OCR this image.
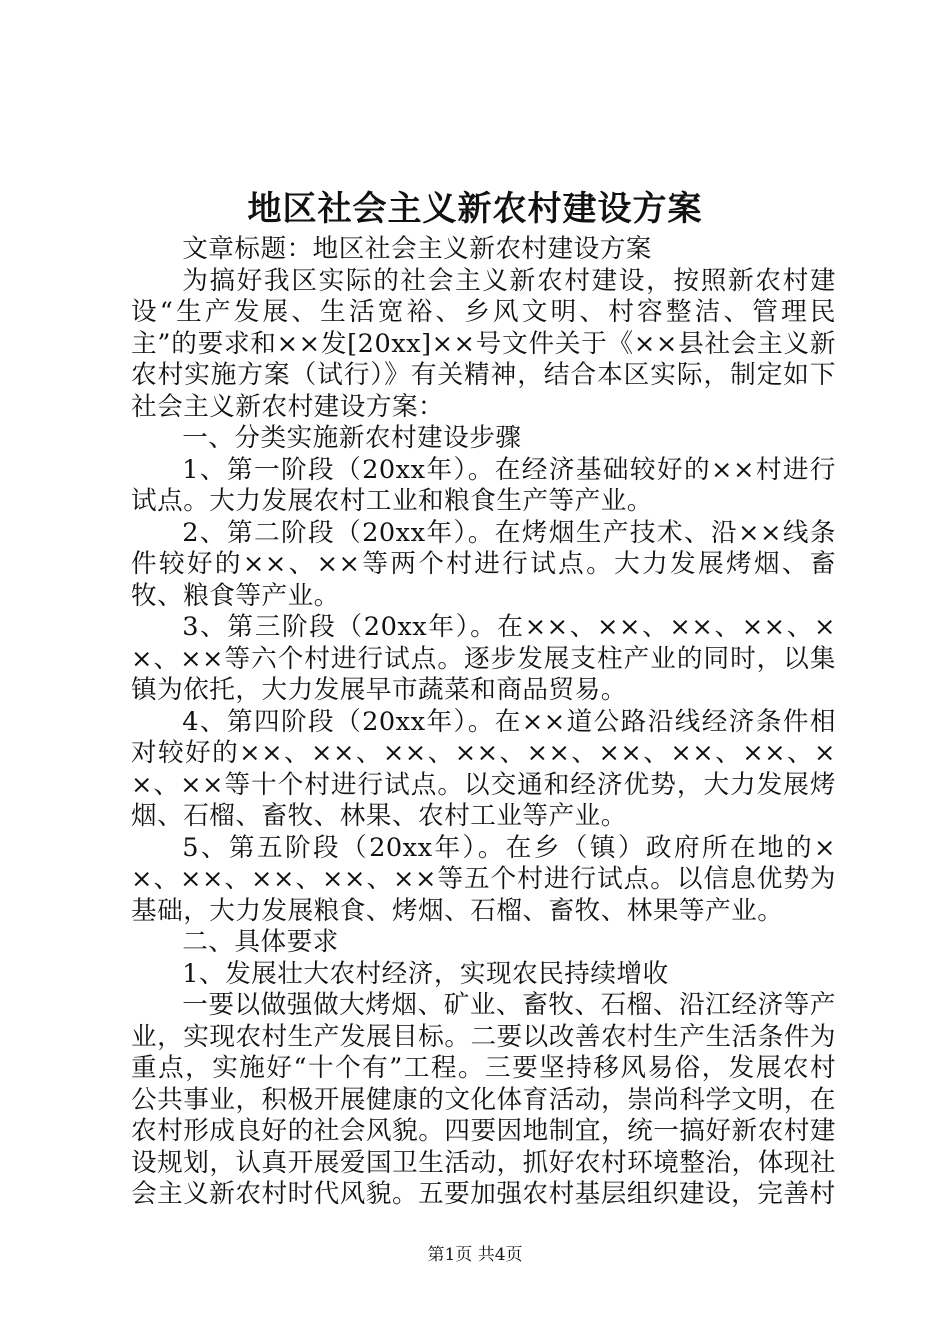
地区社会主义新农村建设方案

文章标题：地区社会主义新农村建设方案

为搞好我区实际的社会主义新农村建设，按照新农村建设“生产发展、生活宽裕、乡风文明、村容整洁、管理民主”的要求和××发[20xx]××号文件关于《××县社会主义新农村实施方案（试行）》有关精神，结合本区实际，制定如下社会主义新农村建设方案：

一、分类实施新农村建设步骤

1、第一阶段（20xx年）。在经济基础较好的××村进行试点。大力发展农村工业和粮食生产等产业。

2、第二阶段（20xx年）。在烤烟生产技术、沿××线条件较好的××、××等两个村进行试点。大力发展烤烟、畜牧、粮食等产业。

3、第三阶段（20xx年）。在××、××、××、××、××、××等六个村进行试点。逐步发展支柱产业的同时，以集镇为依托，大力发展早市蔬菜和商品贸易。

4、第四阶段（20xx年）。在××道公路沿线经济条件相对较好的××、××、××、××、××、××、××、××、××、××等十个村进行试点。以交通和经济优势，大力发展烤烟、石榴、畜牧、林果、农村工业等产业。

5、第五阶段（20xx年）。在乡（镇）政府所在地的××、××、××、××、××等五个村进行试点。以信息优势为基础，大力发展粮食、烤烟、石榴、畜牧、林果等产业。

二、具体要求

1、发展壮大农村经济，实现农民持续增收

一要以做强做大烤烟、矿业、畜牧、石榴、沿江经济等产业，实现农村生产发展目标。二要以改善农村生产生活条件为重点，实施好“十个有”工程。三要坚持移风易俗，发展农村公共事业，积极开展健康的文化体育活动，崇尚科学文明，在农村形成良好的社会风貌。四要因地制宜，统一搞好新农村建设规划，认真开展爱国卫生活动，抓好农村环境整治，体现社会主义新农村时代风貌。五要加强农村基层组织建设，完善村

第1页 共4页
